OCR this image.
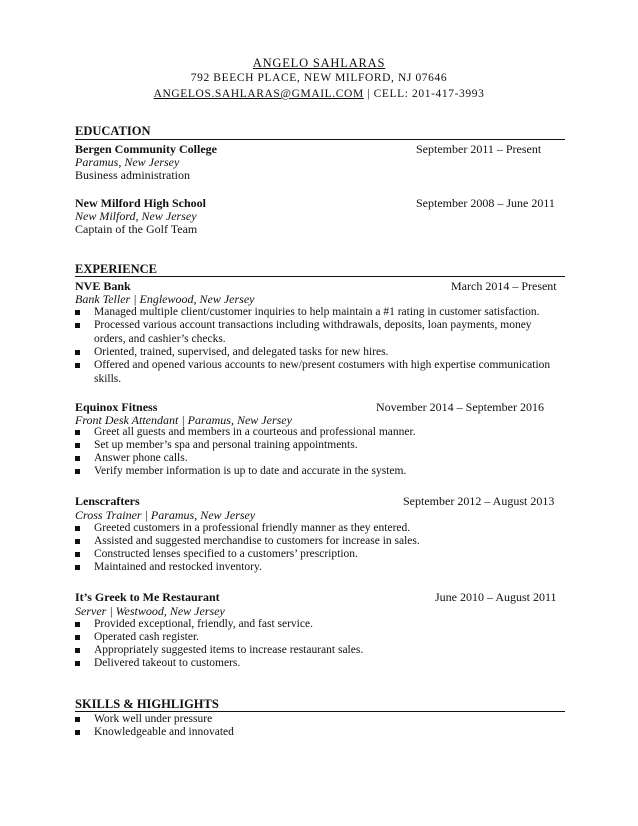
ANGELO SAHLARAS
792 BEECH PLACE, NEW MILFORD, NJ 07646
ANGELOS.SAHLARAS@GMAIL.COM | CELL: 201-417-3993
EDUCATION
Bergen Community College	September 2011 – Present
Paramus, New Jersey
Business administration
New Milford High School	September 2008 – June 2011
New Milford, New Jersey
Captain of the Golf Team
EXPERIENCE
NVE Bank	March 2014 – Present
Bank Teller | Englewood, New Jersey
Managed multiple client/customer inquiries to help maintain a #1 rating in customer satisfaction.
Processed various account transactions including withdrawals, deposits, loan payments, money orders, and cashier’s checks.
Oriented, trained, supervised, and delegated tasks for new hires.
Offered and opened various accounts to new/present costumers with high expertise communication skills.
Equinox Fitness	November 2014 – September 2016
Front Desk Attendant | Paramus, New Jersey
Greet all guests and members in a courteous and professional manner.
Set up member’s spa and personal training appointments.
Answer phone calls.
Verify member information is up to date and accurate in the system.
Lenscrafters	September 2012 – August 2013
Cross Trainer | Paramus, New Jersey
Greeted customers in a professional friendly manner as they entered.
Assisted and suggested merchandise to customers for increase in sales.
Constructed lenses specified to a customers’ prescription.
Maintained and restocked inventory.
It’s Greek to Me Restaurant	June 2010 – August 2011
Server | Westwood, New Jersey
Provided exceptional, friendly, and fast service.
Operated cash register.
Appropriately suggested items to increase restaurant sales.
Delivered takeout to customers.
SKILLS & HIGHLIGHTS
Work well under pressure
Knowledgeable and innovated
